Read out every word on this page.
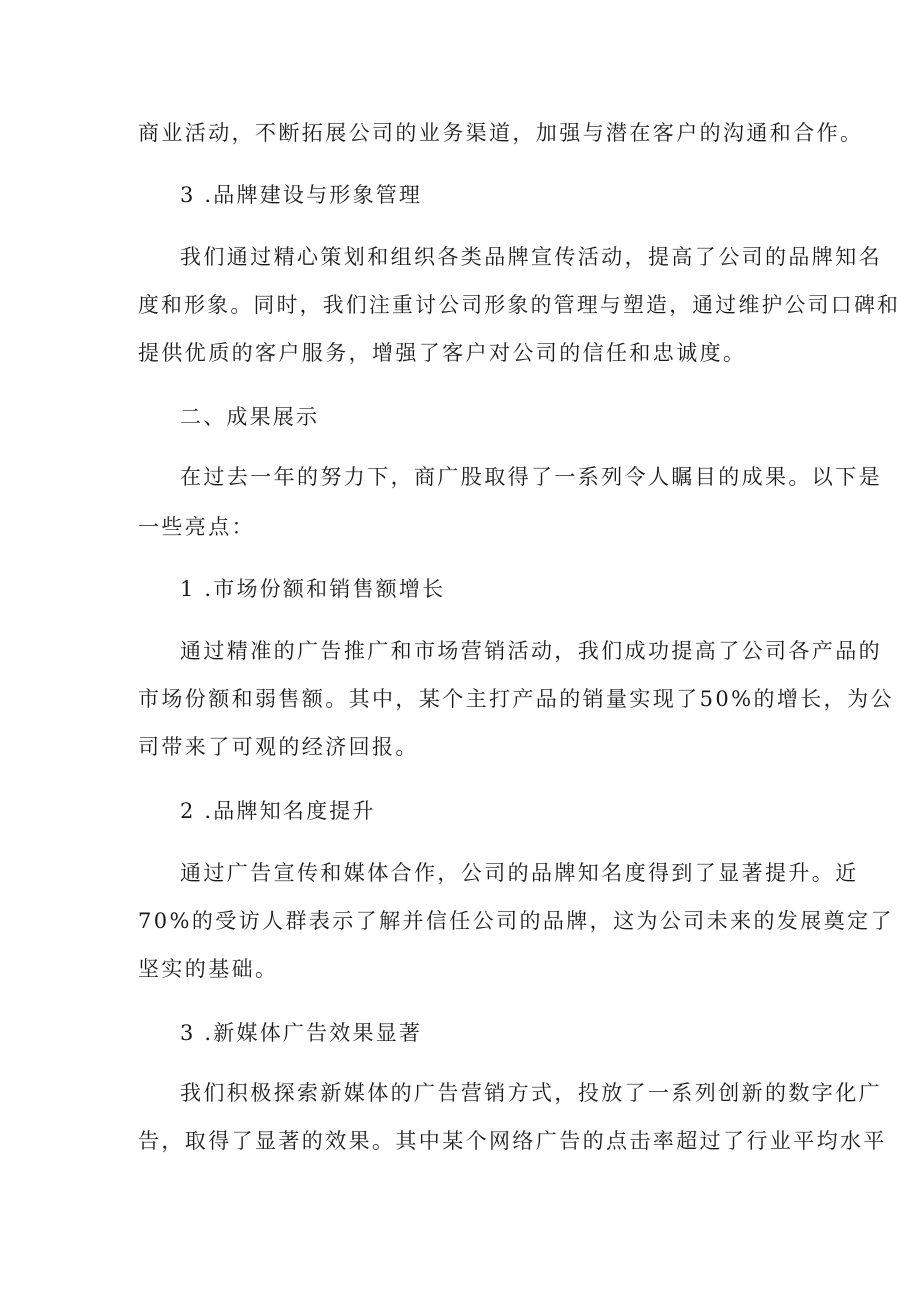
商业活动，不断拓展公司的业务渠道，加强与潜在客户的沟通和合作。
3 .品牌建设与形象管理
我们通过精心策划和组织各类品牌宣传活动，提高了公司的品牌知名
度和形象。同时，我们注重讨公司形象的管理与塑造，通过维护公司口碑和
提供优质的客户服务，增强了客户对公司的信任和忠诚度。
二、成果展示
在过去一年的努力下，商广股取得了一系列令人瞩目的成果。以下是
一些亮点：
1 .市场份额和销售额增长
通过精准的广告推广和市场营销活动，我们成功提高了公司各产品的
市场份额和弱售额。其中，某个主打产品的销量实现了50%的增长，为公
司带来了可观的经济回报。
2 .品牌知名度提升
通过广告宣传和媒体合作，公司的品牌知名度得到了显著提升。近
70%的受访人群表示了解并信任公司的品牌，这为公司未来的发展奠定了
坚实的基础。
3 .新媒体广告效果显著
我们积极探索新媒体的广告营销方式，投放了一系列创新的数字化广
告，取得了显著的效果。其中某个网络广告的点击率超过了行业平均水平
